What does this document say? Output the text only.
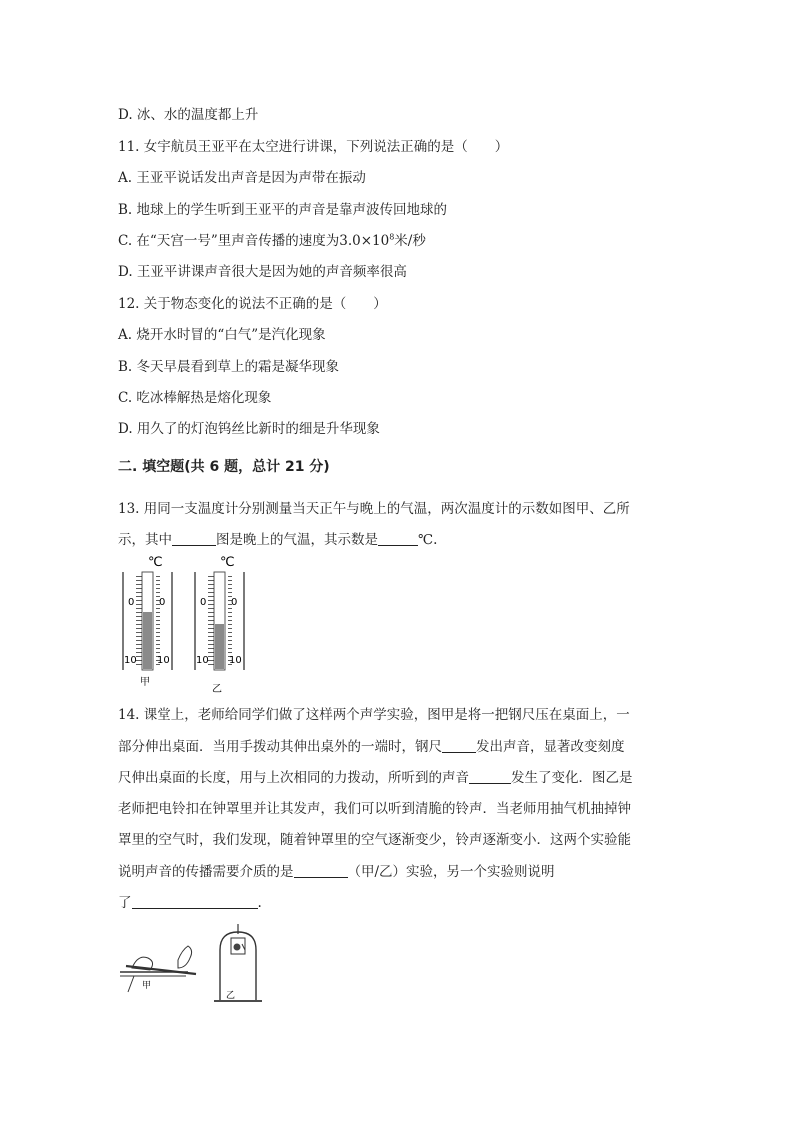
D. 冰、水的温度都上升
11. 女宇航员王亚平在太空进行讲课，下列说法正确的是（　　）
A. 王亚平说话发出声音是因为声带在振动
B. 地球上的学生听到王亚平的声音是靠声波传回地球的
C. 在“天宫一号”里声音传播的速度为$3.0\times 10^8$米/秒
D. 王亚平讲课声音很大是因为她的声音频率很高
12. 关于物态变化的说法不正确的是（　　）
A. 烧开水时冒的“白气”是汽化现象
B. 冬天早晨看到草上的霜是凝华现象
C. 吃冰棒解热是熔化现象
D. 用久了的灯泡钨丝比新时的细是升华现象
二. 填空题(共 6 题，总计 21 分)
13. 用同一支温度计分别测量当天正午与晚上的气温，两次温度计的示数如图甲、乙所
示，其中	图是晚上的气温，其示数是	℃.
℃
0 0
10 10
甲
℃
0 0
10 10
乙
14. 课堂上，老师给同学们做了这样两个声学实验，图甲是将一把钢尺压在桌面上，一
部分伸出桌面．当用手拨动其伸出桌外的一端时，钢尺	发出声音，显著改变刻度
尺伸出桌面的长度，用与上次相同的力拨动，所听到的声音	发生了变化．图乙是
老师把电铃扣在钟罩里并让其发声，我们可以听到清脆的铃声．当老师用抽气机抽掉钟
罩里的空气时，我们发现，随着钟罩里的空气逐渐变少，铃声逐渐变小．这两个实验能
说明声音的传播需要介质的是	（甲/乙）实验，另一个实验则说明
了	.
甲
乙
